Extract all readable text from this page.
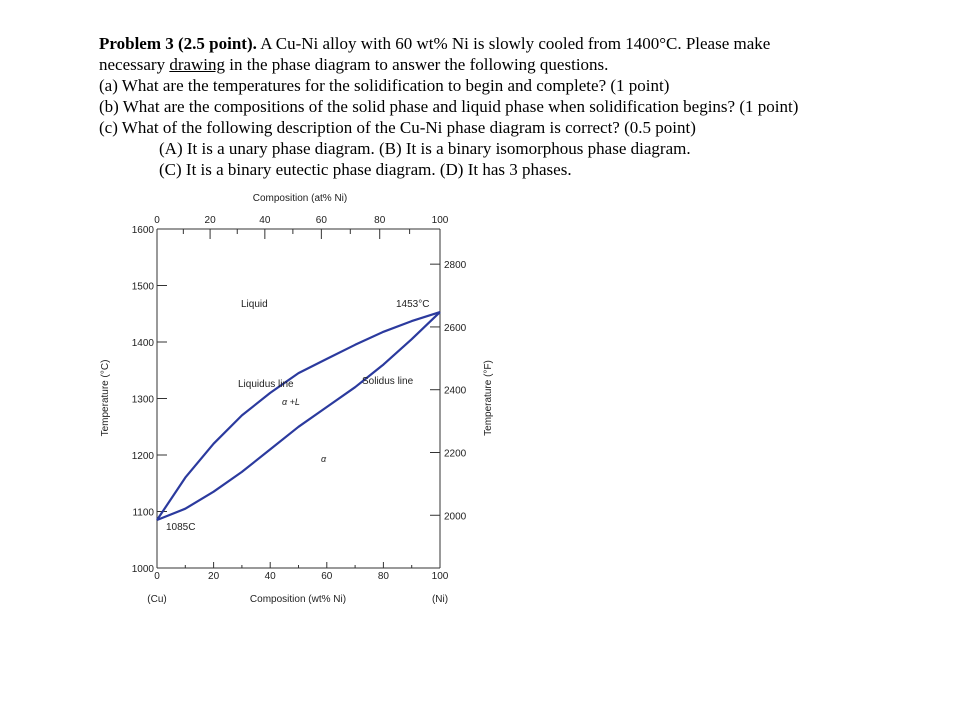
Problem 3 (2.5 point). A Cu-Ni alloy with 60 wt% Ni is slowly cooled from 1400°C. Please make
necessary drawing in the phase diagram to answer the following questions.
(a) What are the temperatures for the solidification to begin and complete? (1 point)
(b) What are the compositions of the solid phase and liquid phase when solidification begins? (1 point)
(c) What of the following description of the Cu-Ni phase diagram is correct? (0.5 point)
(A) It is a unary phase diagram. (B) It is a binary isomorphous phase diagram.
(C) It is a binary eutectic phase diagram. (D) It has 3 phases.
Composition (at% Ni)
Composition (wt% Ni)
(Cu)	(Ni)
Temperature (°C)	Temperature (°F)
0	20	40	60	80	100
0	20	40	60	80	100
1000
1100
1200
1300
1400
1500
1600
2000
2200
2400
2600
2800
Liquid	1453°C
Liquidus line	Solidus line
α +L
α
1085C
